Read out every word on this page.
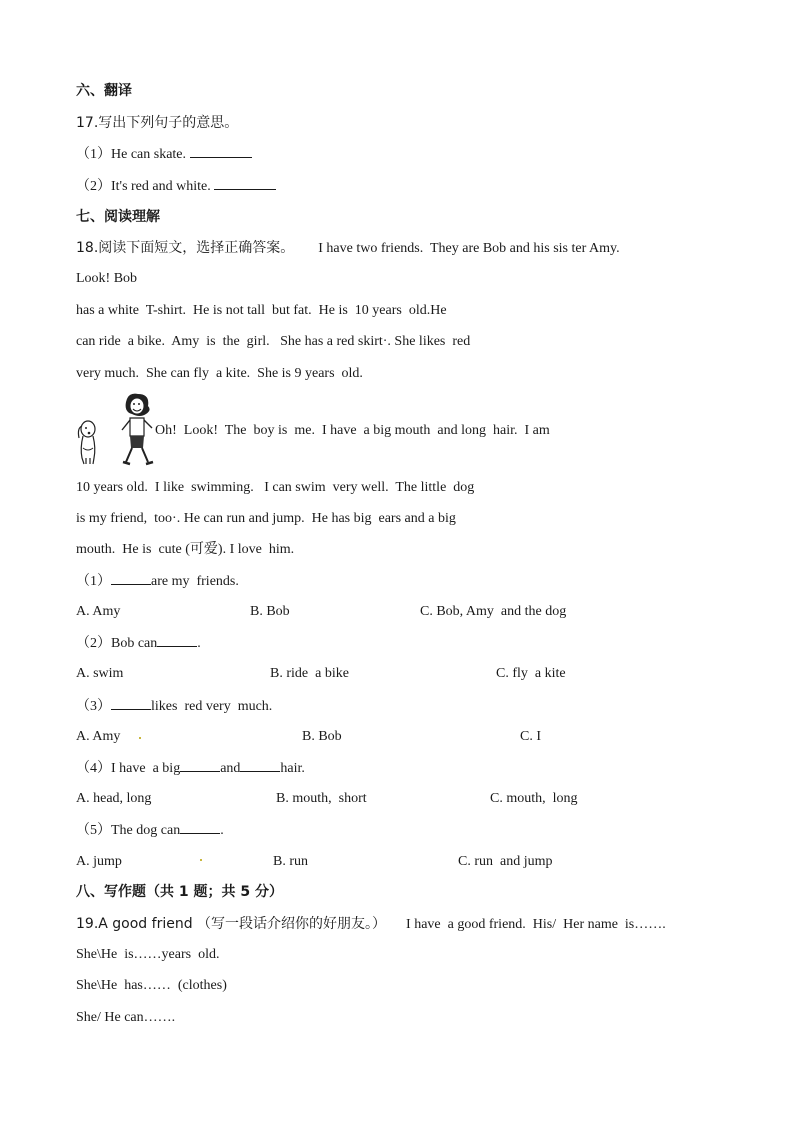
六、翻译
17.写出下列句子的意思。
（1）He can skate.
（2）It's red and white.
七、阅读理解
18.阅读下面短文，选择正确答案。 I have two friends.  They are Bob and his sis ter Amy.
Look! Bob
has a white  T-shirt.  He is not tall  but fat.  He is  10 years  old.He
can ride  a bike.  Amy  is  the  girl.   She has a red skirt·. She likes  red
very much.  She can fly  a kite.  She is 9 years  old.
Oh!  Look!  The  boy is  me.  I have  a big mouth  and long  hair.  I am
10 years old.  I like  swimming.   I can swim  very well.  The little  dog
is my friend,  too·. He can run and jump.  He has big  ears and a big
mouth.  He is  cute (可爱). I love  him.
（1）	are my  friends.
A. Amy	B. Bob	C. Bob, Amy  and the dog
（2）Bob can	.
A. swim	B. ride  a bike	C. fly  a kite
（3）	likes  red very  much.
A. Amy	B. Bob	C. I
（4）I have  a big	and	hair.
A. head, long	B. mouth,  short	C. mouth,  long
（5）The dog can	.
A. jump	B. run	C. run  and jump
八、写作题（共 1 题；共 5 分）
19.A good friend （写一段话介绍你的好朋友。） I have  a good friend.  His/  Her name  is…….
She\He  is……years  old.
She\He  has……  (clothes)
She/ He can…….
